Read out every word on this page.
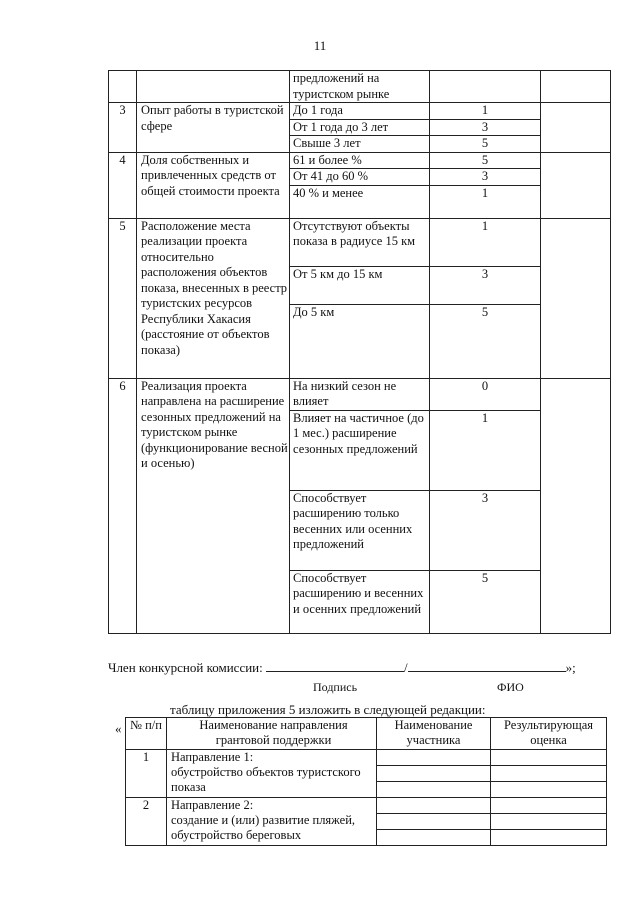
11
		предложений на туристском рынке		
3	Опыт работы в туристской сфере	До 1 года	1	
		От 1 года до 3 лет	3	
		Свыше 3 лет	5	
4	Доля собственных и привлеченных средств от общей стоимости проекта	61 и более %	5	
		От 41 до 60 %	3	
		40 % и менее	1	
5	Расположение места реализации проекта относительно расположения объектов показа, внесенных в реестр туристских ресурсов Республики Хакасия (расстояние от объектов показа)	Отсутствуют объекты показа в радиусе 15 км	1	
		От 5 км до 15 км	3	
		До 5 км	5	
6	Реализация проекта направлена на расширение сезонных предложений на туристском рынке (функционирование весной и осенью)	На низкий сезон не влияет	0	
		Влияет на частичное (до 1 мес.) расширение сезонных предложений	1	
		Способствует расширению только весенних или осенних предложений	3	
		Способствует расширению и весенних и осенних предложений	5	
Член конкурсной комиссии:	/	»;
Подпись	ФИО
таблицу приложения 5 изложить в следующей редакции:
« № п/п	Наименование направления грантовой поддержки	Наименование участника	Результирующая оценка
1	Направление 1:
обустройство объектов туристского показа		

2	Направление 2:
создание и (или) развитие пляжей, обустройство береговых		
